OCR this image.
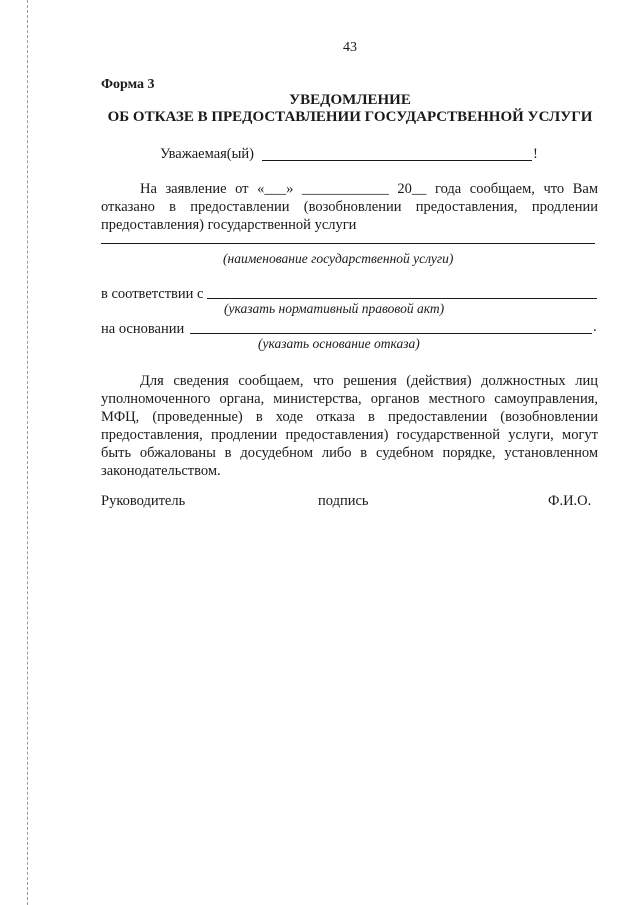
43
Форма 3
УВЕДОМЛЕНИЕ
ОБ ОТКАЗЕ В ПРЕДОСТАВЛЕНИИ ГОСУДАРСТВЕННОЙ УСЛУГИ
Уважаемая(ый)	!
На заявление от «___» ____________ 20__ года сообщаем, что Вам отказано в предоставлении (возобновлении предоставления, продлении предоставления) государственной услуги
(наименование государственной услуги)
в соответствии с
(указать нормативный правовой акт)
на основании	.
(указать основание отказа)
Для сведения сообщаем, что решения (действия) должностных лиц уполномоченного органа, министерства, органов местного самоуправления, МФЦ, (проведенные) в ходе отказа в предоставлении (возобновлении предоставления, продлении предоставления) государственной услуги, могут быть обжалованы в досудебном либо в судебном порядке, установленном законодательством.
Руководитель	подпись	Ф.И.О.
